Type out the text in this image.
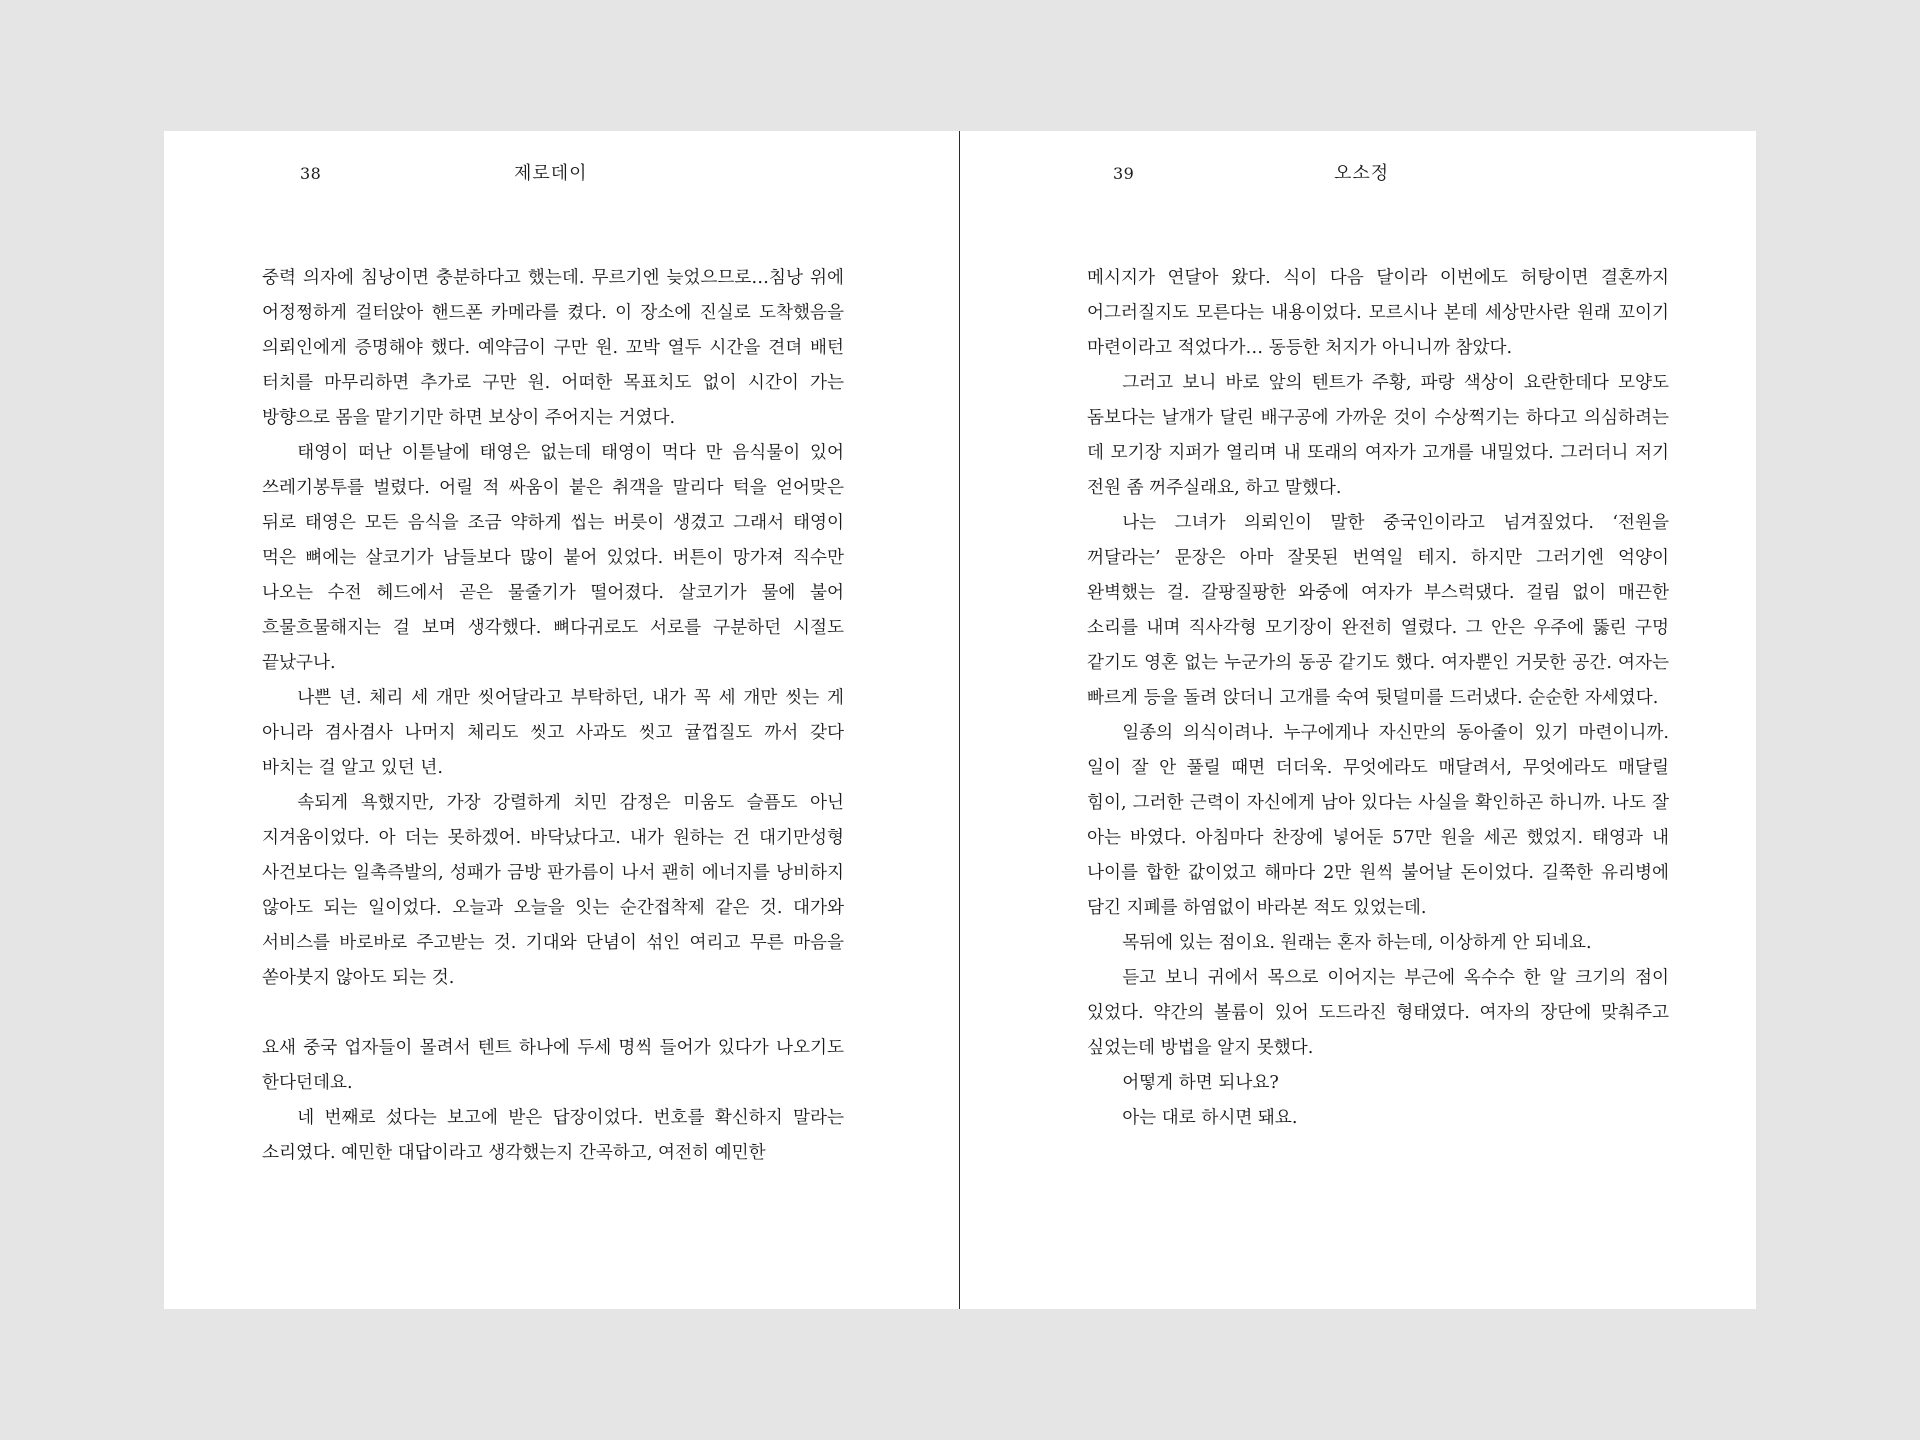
38	제로데이

중력 의자에 침낭이면 충분하다고 했는데. 무르기엔 늦었으므로…침낭 위에 어정쩡하게 걸터앉아 핸드폰 카메라를 켰다. 이 장소에 진실로 도착했음을 의뢰인에게 증명해야 했다. 예약금이 구만 원. 꼬박 열두 시간을 견뎌 배턴 터치를 마무리하면 추가로 구만 원. 어떠한 목표치도 없이 시간이 가는 방향으로 몸을 맡기기만 하면 보상이 주어지는 거였다.

태영이 떠난 이튿날에 태영은 없는데 태영이 먹다 만 음식물이 있어 쓰레기봉투를 벌렸다. 어릴 적 싸움이 붙은 취객을 말리다 턱을 얻어맞은 뒤로 태영은 모든 음식을 조금 약하게 씹는 버릇이 생겼고 그래서 태영이 먹은 뼈에는 살코기가 남들보다 많이 붙어 있었다. 버튼이 망가져 직수만 나오는 수전 헤드에서 곧은 물줄기가 떨어졌다. 살코기가 물에 불어 흐물흐물해지는 걸 보며 생각했다. 뼈다귀로도 서로를 구분하던 시절도 끝났구나.

나쁜 년. 체리 세 개만 씻어달라고 부탁하던, 내가 꼭 세 개만 씻는 게 아니라 겸사겸사 나머지 체리도 씻고 사과도 씻고 귤껍질도 까서 갖다 바치는 걸 알고 있던 년.

속되게 욕했지만, 가장 강렬하게 치민 감정은 미움도 슬픔도 아닌 지겨움이었다. 아 더는 못하겠어. 바닥났다고. 내가 원하는 건 대기만성형 사건보다는 일촉즉발의, 성패가 금방 판가름이 나서 괜히 에너지를 낭비하지 않아도 되는 일이었다. 오늘과 오늘을 잇는 순간접착제 같은 것. 대가와 서비스를 바로바로 주고받는 것. 기대와 단념이 섞인 여리고 무른 마음을 쏟아붓지 않아도 되는 것.

요새 중국 업자들이 몰려서 텐트 하나에 두세 명씩 들어가 있다가 나오기도 한다던데요.

네 번째로 섰다는 보고에 받은 답장이었다. 번호를 확신하지 말라는 소리였다. 예민한 대답이라고 생각했는지 간곡하고, 여전히 예민한

39	오소정

메시지가 연달아 왔다. 식이 다음 달이라 이번에도 허탕이면 결혼까지 어그러질지도 모른다는 내용이었다. 모르시나 본데 세상만사란 원래 꼬이기 마련이라고 적었다가… 동등한 처지가 아니니까 참았다.

그러고 보니 바로 앞의 텐트가 주황, 파랑 색상이 요란한데다 모양도 돔보다는 날개가 달린 배구공에 가까운 것이 수상쩍기는 하다고 의심하려는 데 모기장 지퍼가 열리며 내 또래의 여자가 고개를 내밀었다. 그러더니 저기 전원 좀 꺼주실래요, 하고 말했다.

나는 그녀가 의뢰인이 말한 중국인이라고 넘겨짚었다. ‘전원을 꺼달라는’ 문장은 아마 잘못된 번역일 테지. 하지만 그러기엔 억양이 완벽했는 걸. 갈팡질팡한 와중에 여자가 부스럭댔다. 걸림 없이 매끈한 소리를 내며 직사각형 모기장이 완전히 열렸다. 그 안은 우주에 뚫린 구멍 같기도 영혼 없는 누군가의 동공 같기도 했다. 여자뿐인 거뭇한 공간. 여자는 빠르게 등을 돌려 앉더니 고개를 숙여 뒷덜미를 드러냈다. 순순한 자세였다.

일종의 의식이려나. 누구에게나 자신만의 동아줄이 있기 마련이니까. 일이 잘 안 풀릴 때면 더더욱. 무엇에라도 매달려서, 무엇에라도 매달릴 힘이, 그러한 근력이 자신에게 남아 있다는 사실을 확인하곤 하니까. 나도 잘 아는 바였다. 아침마다 찬장에 넣어둔 57만 원을 세곤 했었지. 태영과 내 나이를 합한 값이었고 해마다 2만 원씩 불어날 돈이었다. 길쭉한 유리병에 담긴 지폐를 하염없이 바라본 적도 있었는데.

목뒤에 있는 점이요. 원래는 혼자 하는데, 이상하게 안 되네요.

듣고 보니 귀에서 목으로 이어지는 부근에 옥수수 한 알 크기의 점이 있었다. 약간의 볼륨이 있어 도드라진 형태였다. 여자의 장단에 맞춰주고 싶었는데 방법을 알지 못했다.

어떻게 하면 되나요?

아는 대로 하시면 돼요.
